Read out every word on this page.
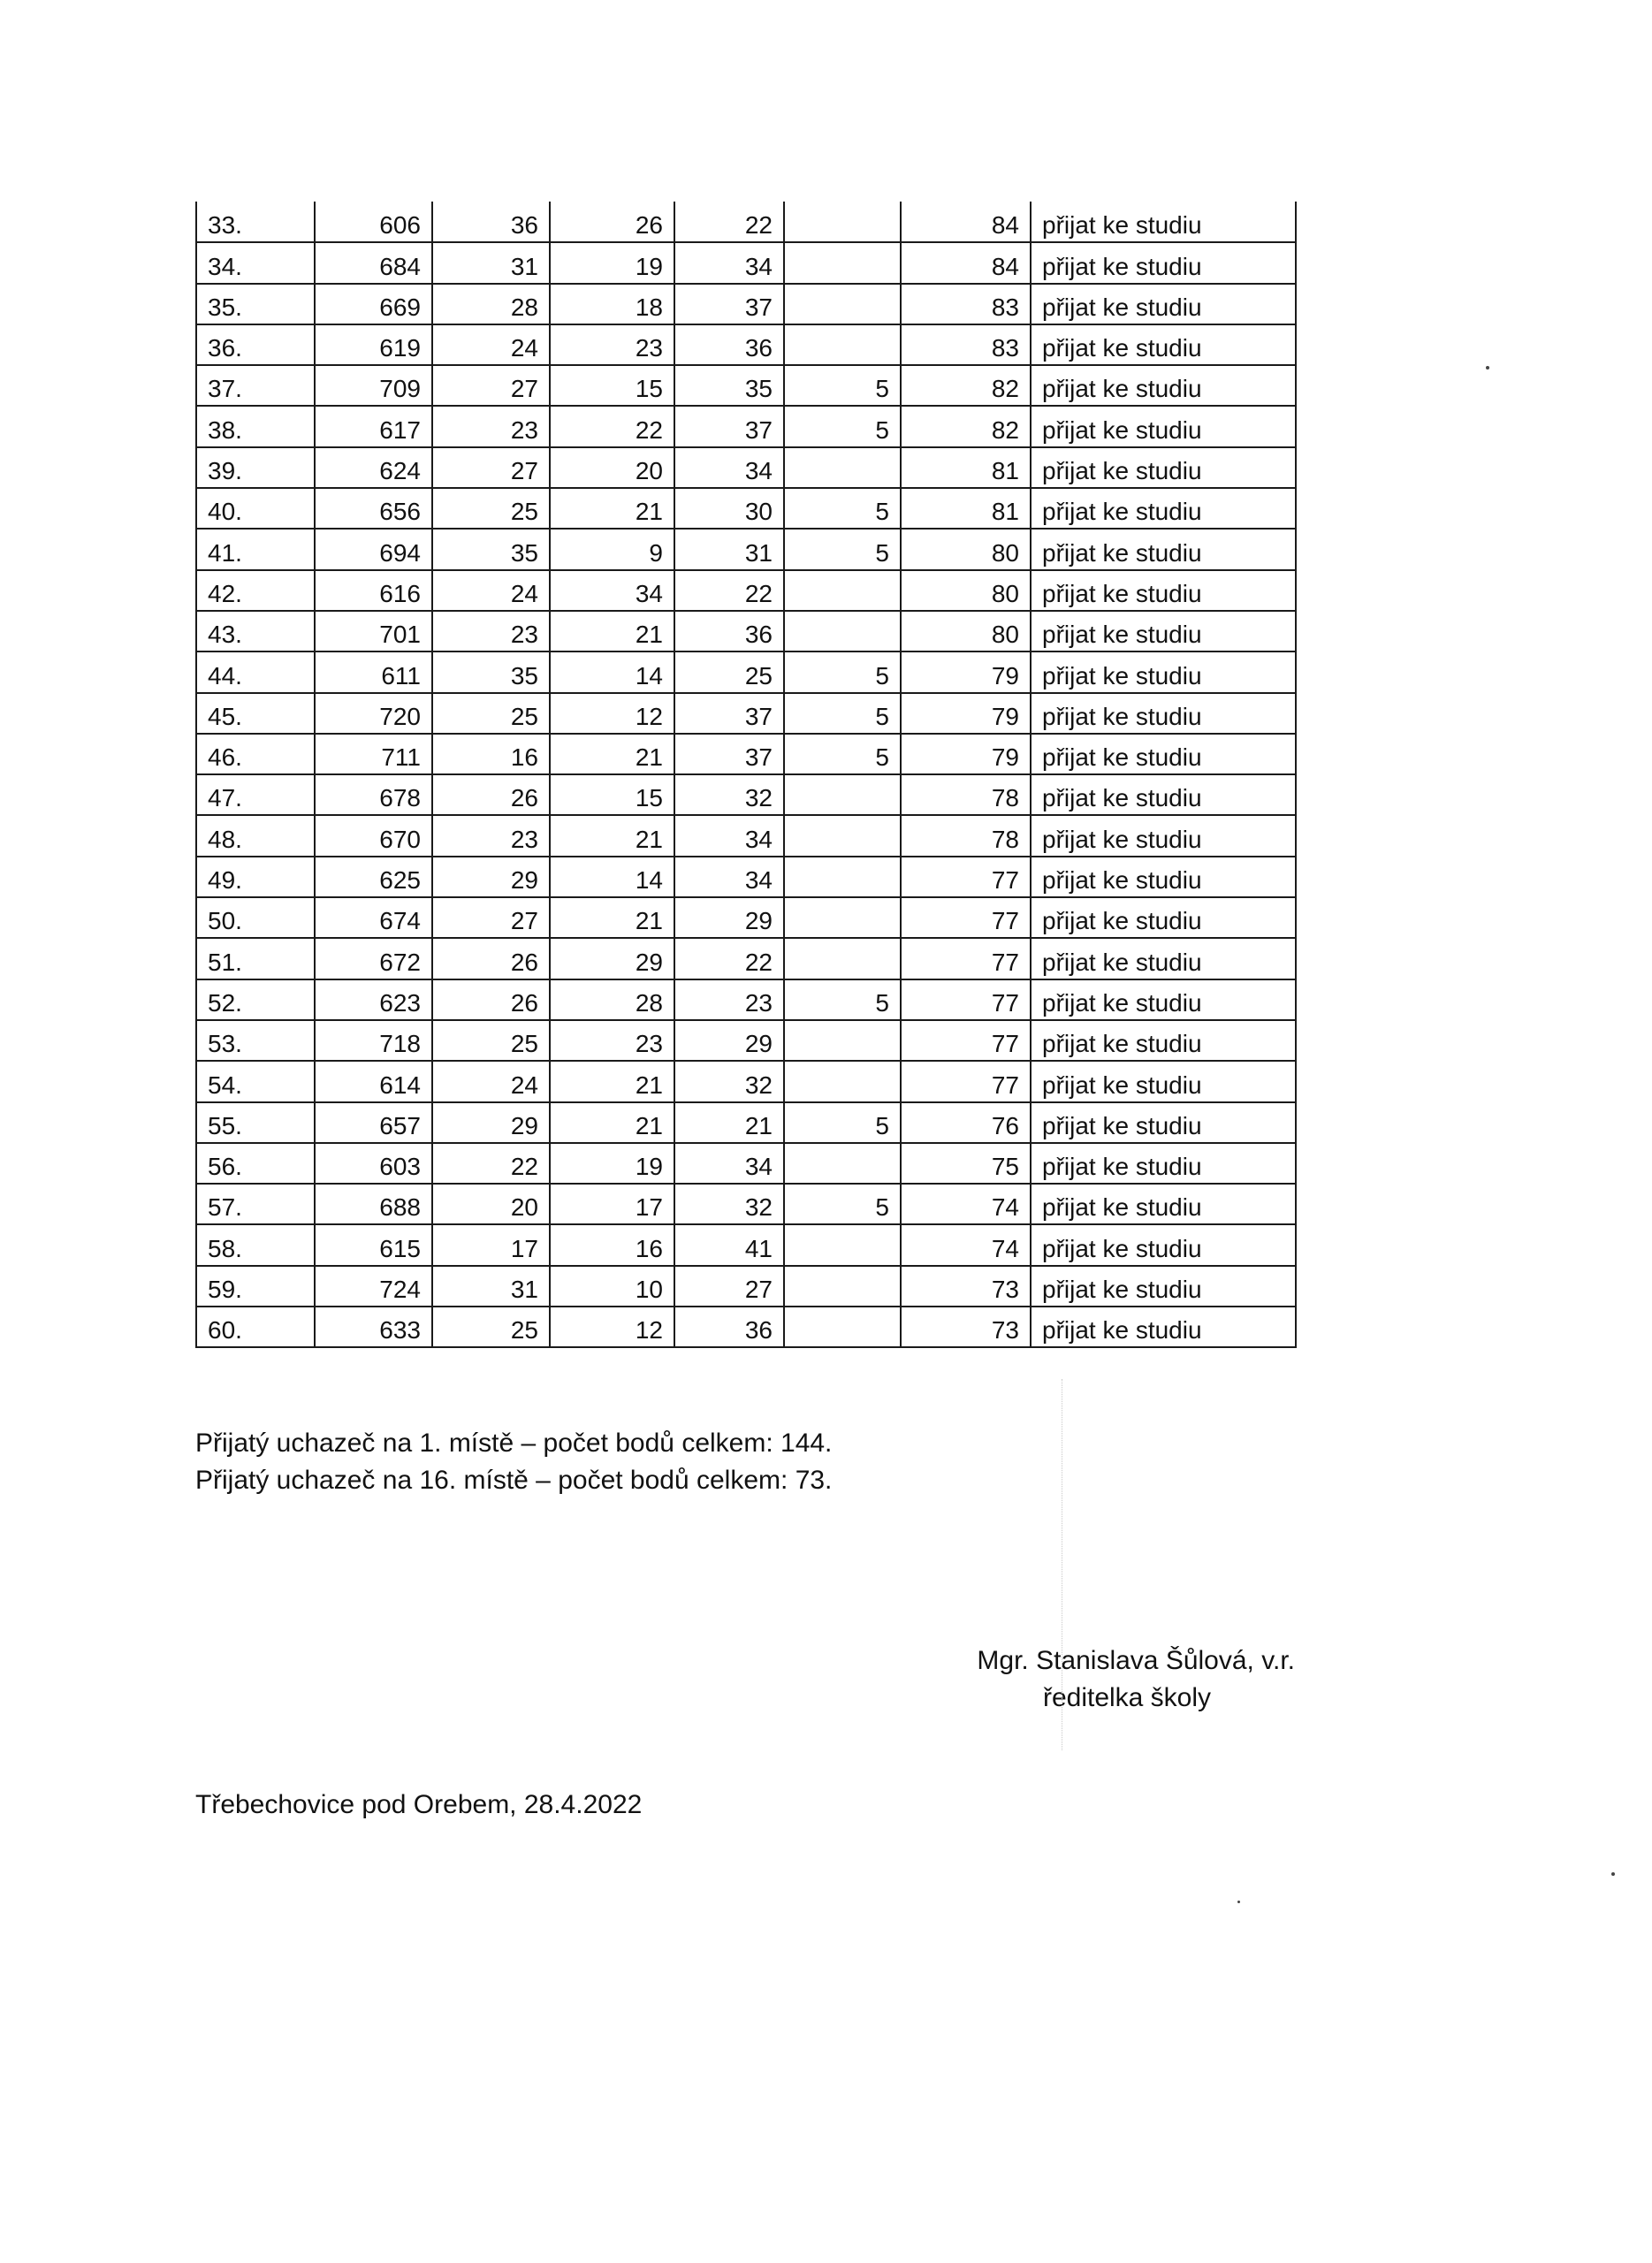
33.	606	36	26	22		84	přijat ke studiu
34.	684	31	19	34		84	přijat ke studiu
35.	669	28	18	37		83	přijat ke studiu
36.	619	24	23	36		83	přijat ke studiu
37.	709	27	15	35	5	82	přijat ke studiu
38.	617	23	22	37	5	82	přijat ke studiu
39.	624	27	20	34		81	přijat ke studiu
40.	656	25	21	30	5	81	přijat ke studiu
41.	694	35	9	31	5	80	přijat ke studiu
42.	616	24	34	22		80	přijat ke studiu
43.	701	23	21	36		80	přijat ke studiu
44.	611	35	14	25	5	79	přijat ke studiu
45.	720	25	12	37	5	79	přijat ke studiu
46.	711	16	21	37	5	79	přijat ke studiu
47.	678	26	15	32		78	přijat ke studiu
48.	670	23	21	34		78	přijat ke studiu
49.	625	29	14	34		77	přijat ke studiu
50.	674	27	21	29		77	přijat ke studiu
51.	672	26	29	22		77	přijat ke studiu
52.	623	26	28	23	5	77	přijat ke studiu
53.	718	25	23	29		77	přijat ke studiu
54.	614	24	21	32		77	přijat ke studiu
55.	657	29	21	21	5	76	přijat ke studiu
56.	603	22	19	34		75	přijat ke studiu
57.	688	20	17	32	5	74	přijat ke studiu
58.	615	17	16	41		74	přijat ke studiu
59.	724	31	10	27		73	přijat ke studiu
60.	633	25	12	36		73	přijat ke studiu
Přijatý uchazeč na 1. místě – počet bodů celkem: 144.
Přijatý uchazeč na 16. místě – počet bodů celkem: 73.
Mgr. Stanislava Šůlová, v.r.
ředitelka školy
Třebechovice pod Orebem, 28.4.2022
